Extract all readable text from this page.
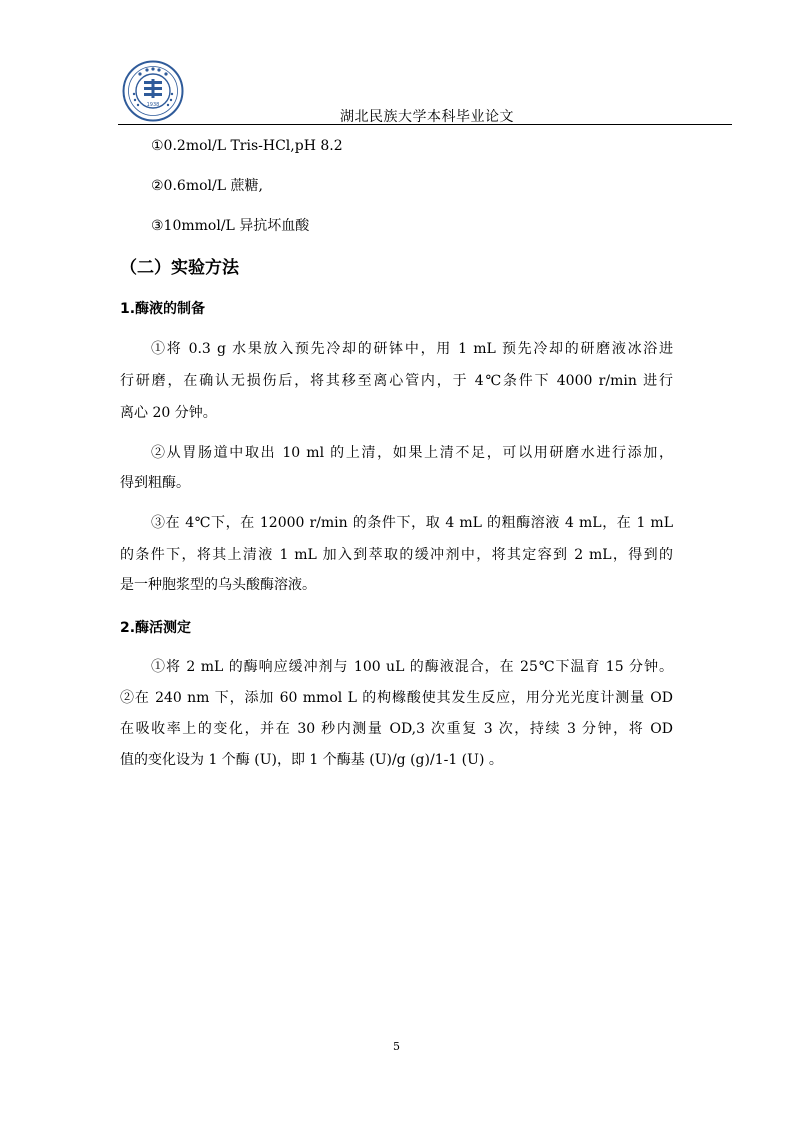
1938
湖北民族大学本科毕业论文
①0.2mol/L Tris-HCl,pH 8.2
②0.6mol/L 蔗糖,
③10mmol/L 异抗坏血酸
（二）实验方法
1.酶液的制备
①将 0.3 g 水果放入预先冷却的研钵中，用 1 mL 预先冷却的研磨液冰浴进
行研磨，在确认无损伤后，将其移至离心管内，于 4℃条件下 4000 r/min 进行
离心 20 分钟。
②从胃肠道中取出 10 ml 的上清，如果上清不足，可以用研磨水进行添加，
得到粗酶。
③在 4℃下，在 12000 r/min 的条件下，取 4 mL 的粗酶溶液 4 mL，在 1 mL
的条件下，将其上清液 1 mL 加入到萃取的缓冲剂中，将其定容到 2 mL，得到的
是一种胞浆型的乌头酸酶溶液。
2.酶活测定
①将 2 mL 的酶响应缓冲剂与 100 uL 的酶液混合，在 25℃下温育 15 分钟。
②在 240 nm 下，添加 60 mmol L 的枸橼酸使其发生反应，用分光光度计测量 OD
在吸收率上的变化，并在 30 秒内测量 OD,3 次重复 3 次，持续 3 分钟，将 OD
值的变化设为 1 个酶 (U)，即 1 个酶基 (U)/g (g)/1-1 (U) 。
5
